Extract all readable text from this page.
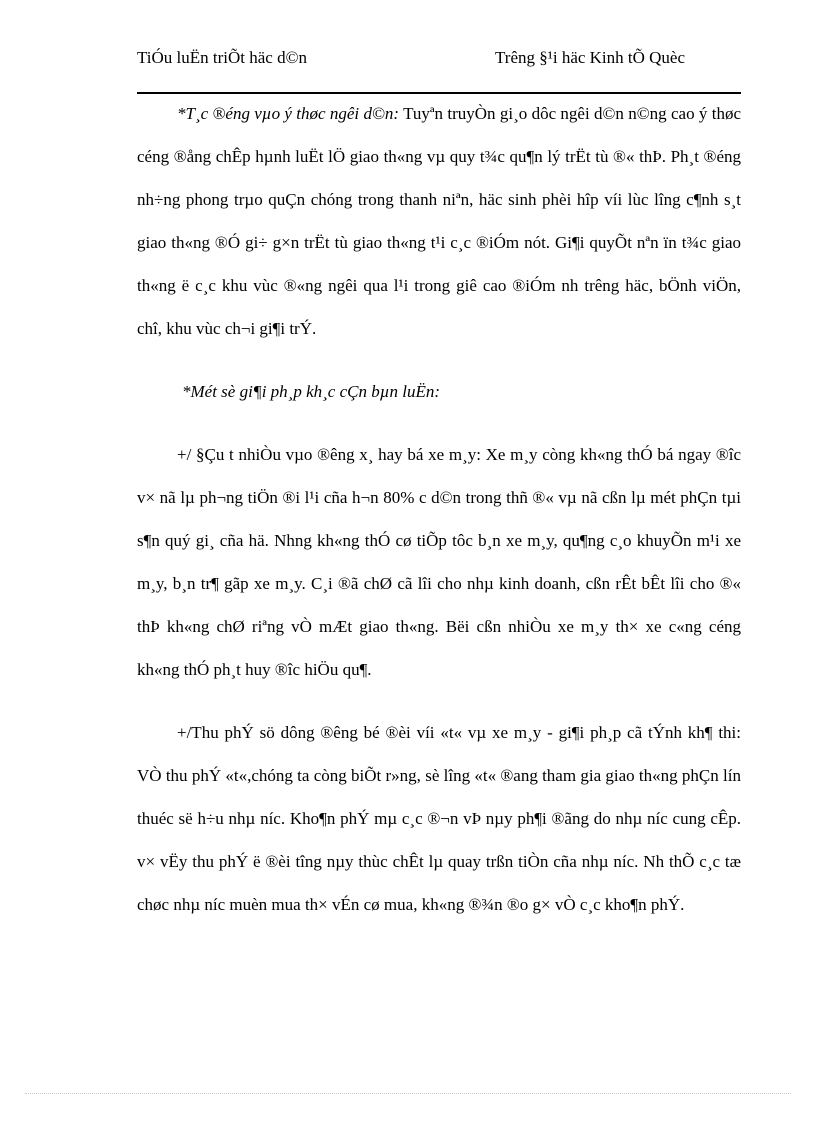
TiÓu luËn triÕt häc d©n	Trêng §¹i häc Kinh tÕ Quèc

*T¸c ®éng vµo ý thøc ngêi d©n: Tuyªn truyÒn gi¸o dôc ngêi d©n n©ng cao ý thøc céng ®ång chÊp hµnh luËt lÖ giao th«ng vµ quy t¾c qu¶n lý trËt tù ®« thÞ. Ph¸t ®éng nh÷ng phong trµo quÇn chóng trong thanh niªn, häc sinh phèi hîp víi lùc lîng c¶nh s¸t giao th«ng ®Ó gi÷ g×n trËt tù giao th«ng t¹i c¸c ®iÓm nót. Gi¶i quyÕt nªn ïn t¾c giao th«ng ë c¸c khu vùc ®«ng ngêi qua l¹i trong giê cao ®iÓm nh trêng häc, bÖnh viÖn, chî, khu vùc ch¬i gi¶i trÝ.

*Mét sè gi¶i ph¸p kh¸c cÇn bµn luËn:

+/ §Çu t nhiÒu vµo ®êng x¸ hay bá xe m¸y: Xe m¸y còng kh«ng thÓ bá ngay ®îc v× nã lµ ph¬ng tiÖn ®i l¹i cña h¬n 80% c d©n trong thñ ®« vµ nã cßn lµ mét phÇn tµi s¶n quý gi¸ cña hä. Nhng kh«ng thÓ cø tiÕp tôc b¸n xe m¸y, qu¶ng c¸o khuyÕn m¹i xe m¸y, b¸n tr¶ gãp xe m¸y. C¸i ®ã chØ cã lîi cho nhµ kinh doanh, cßn rÊt bÊt lîi cho ®« thÞ kh«ng chØ riªng vÒ mÆt giao th«ng. Bëi cßn nhiÒu xe m¸y th× xe c«ng céng kh«ng thÓ ph¸t huy ®îc hiÖu qu¶.

+/Thu phÝ sö dông ®êng bé ®èi víi «t« vµ xe m¸y - gi¶i ph¸p cã tÝnh kh¶ thi: VÒ thu phÝ «t«,chóng ta còng biÕt r»ng, sè lîng «t« ®ang tham gia giao th«ng phÇn lín thuéc së h÷u nhµ níc. Kho¶n phÝ mµ c¸c ®¬n vÞ nµy ph¶i ®ãng do nhµ níc cung cÊp. v× vËy thu phÝ ë ®èi tîng nµy thùc chÊt lµ quay trßn tiÒn cña nhµ níc. Nh thÕ c¸c tæ chøc nhµ níc muèn mua th× vÉn cø mua, kh«ng ®¾n ®o g× vÒ c¸c kho¶n phÝ.
